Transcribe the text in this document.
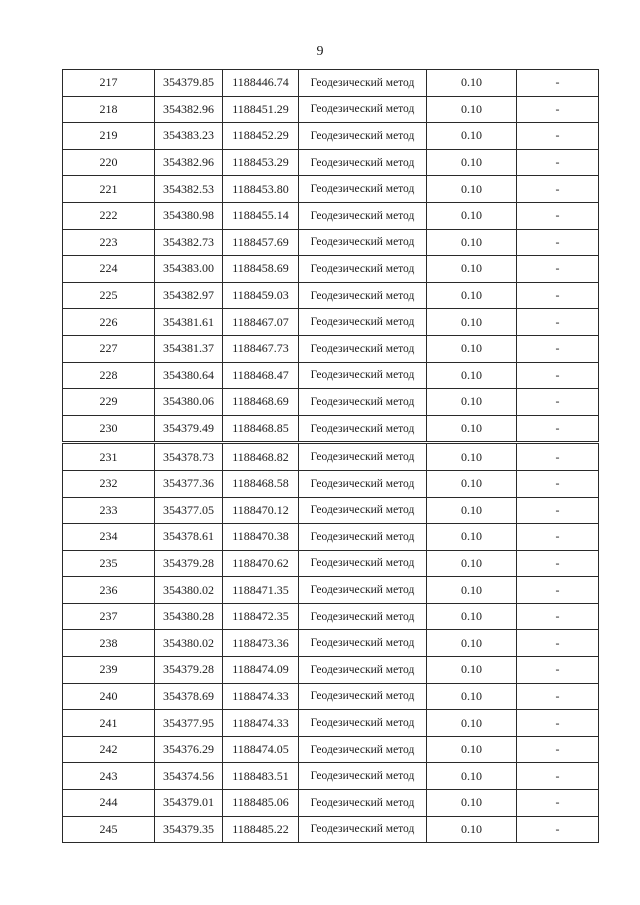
9
217	354379.85	1188446.74	Геодезический метод	0.10	-
218	354382.96	1188451.29	Геодезический метод	0.10	-
219	354383.23	1188452.29	Геодезический метод	0.10	-
220	354382.96	1188453.29	Геодезический метод	0.10	-
221	354382.53	1188453.80	Геодезический метод	0.10	-
222	354380.98	1188455.14	Геодезический метод	0.10	-
223	354382.73	1188457.69	Геодезический метод	0.10	-
224	354383.00	1188458.69	Геодезический метод	0.10	-
225	354382.97	1188459.03	Геодезический метод	0.10	-
226	354381.61	1188467.07	Геодезический метод	0.10	-
227	354381.37	1188467.73	Геодезический метод	0.10	-
228	354380.64	1188468.47	Геодезический метод	0.10	-
229	354380.06	1188468.69	Геодезический метод	0.10	-
230	354379.49	1188468.85	Геодезический метод	0.10	-
231	354378.73	1188468.82	Геодезический метод	0.10	-
232	354377.36	1188468.58	Геодезический метод	0.10	-
233	354377.05	1188470.12	Геодезический метод	0.10	-
234	354378.61	1188470.38	Геодезический метод	0.10	-
235	354379.28	1188470.62	Геодезический метод	0.10	-
236	354380.02	1188471.35	Геодезический метод	0.10	-
237	354380.28	1188472.35	Геодезический метод	0.10	-
238	354380.02	1188473.36	Геодезический метод	0.10	-
239	354379.28	1188474.09	Геодезический метод	0.10	-
240	354378.69	1188474.33	Геодезический метод	0.10	-
241	354377.95	1188474.33	Геодезический метод	0.10	-
242	354376.29	1188474.05	Геодезический метод	0.10	-
243	354374.56	1188483.51	Геодезический метод	0.10	-
244	354379.01	1188485.06	Геодезический метод	0.10	-
245	354379.35	1188485.22	Геодезический метод	0.10	-
